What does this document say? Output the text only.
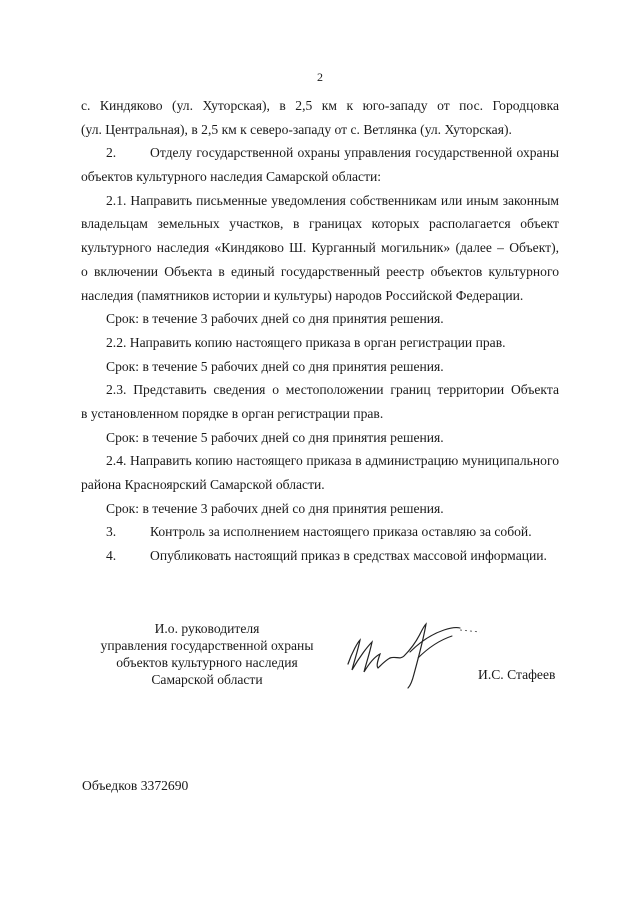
2

с. Киндяково (ул. Хуторская), в 2,5 км к юго-западу от пос. Городцовка

(ул. Центральная), в 2,5 км к северо-западу от с. Ветлянка (ул. Хуторская).

2. Отделу государственной охраны управления государственной охраны

объектов культурного наследия Самарской области:

2.1. Направить письменные уведомления собственникам или иным законным

владельцам земельных участков, в границах которых располагается объект

культурного наследия «Киндяково Ш. Курганный могильник» (далее – Объект),

о включении Объекта в единый государственный реестр объектов культурного

наследия (памятников истории и культуры) народов Российской Федерации.

Срок: в течение 3 рабочих дней со дня принятия решения.

2.2. Направить копию настоящего приказа в орган регистрации прав.

Срок: в течение 5 рабочих дней со дня принятия решения.

2.3. Представить сведения о местоположении границ территории Объекта

в установленном порядке в орган регистрации прав.

Срок: в течение 5 рабочих дней со дня принятия решения.

2.4. Направить копию настоящего приказа в администрацию муниципального

района Красноярский Самарской области.

Срок: в течение 3 рабочих дней со дня принятия решения.

3. Контроль за исполнением настоящего приказа оставляю за собой.

4. Опубликовать настоящий приказ в средствах массовой информации.

И.о. руководителя
управления государственной охраны
объектов культурного наследия
Самарской области	И.С. Стафеев
Объедков 3372690
